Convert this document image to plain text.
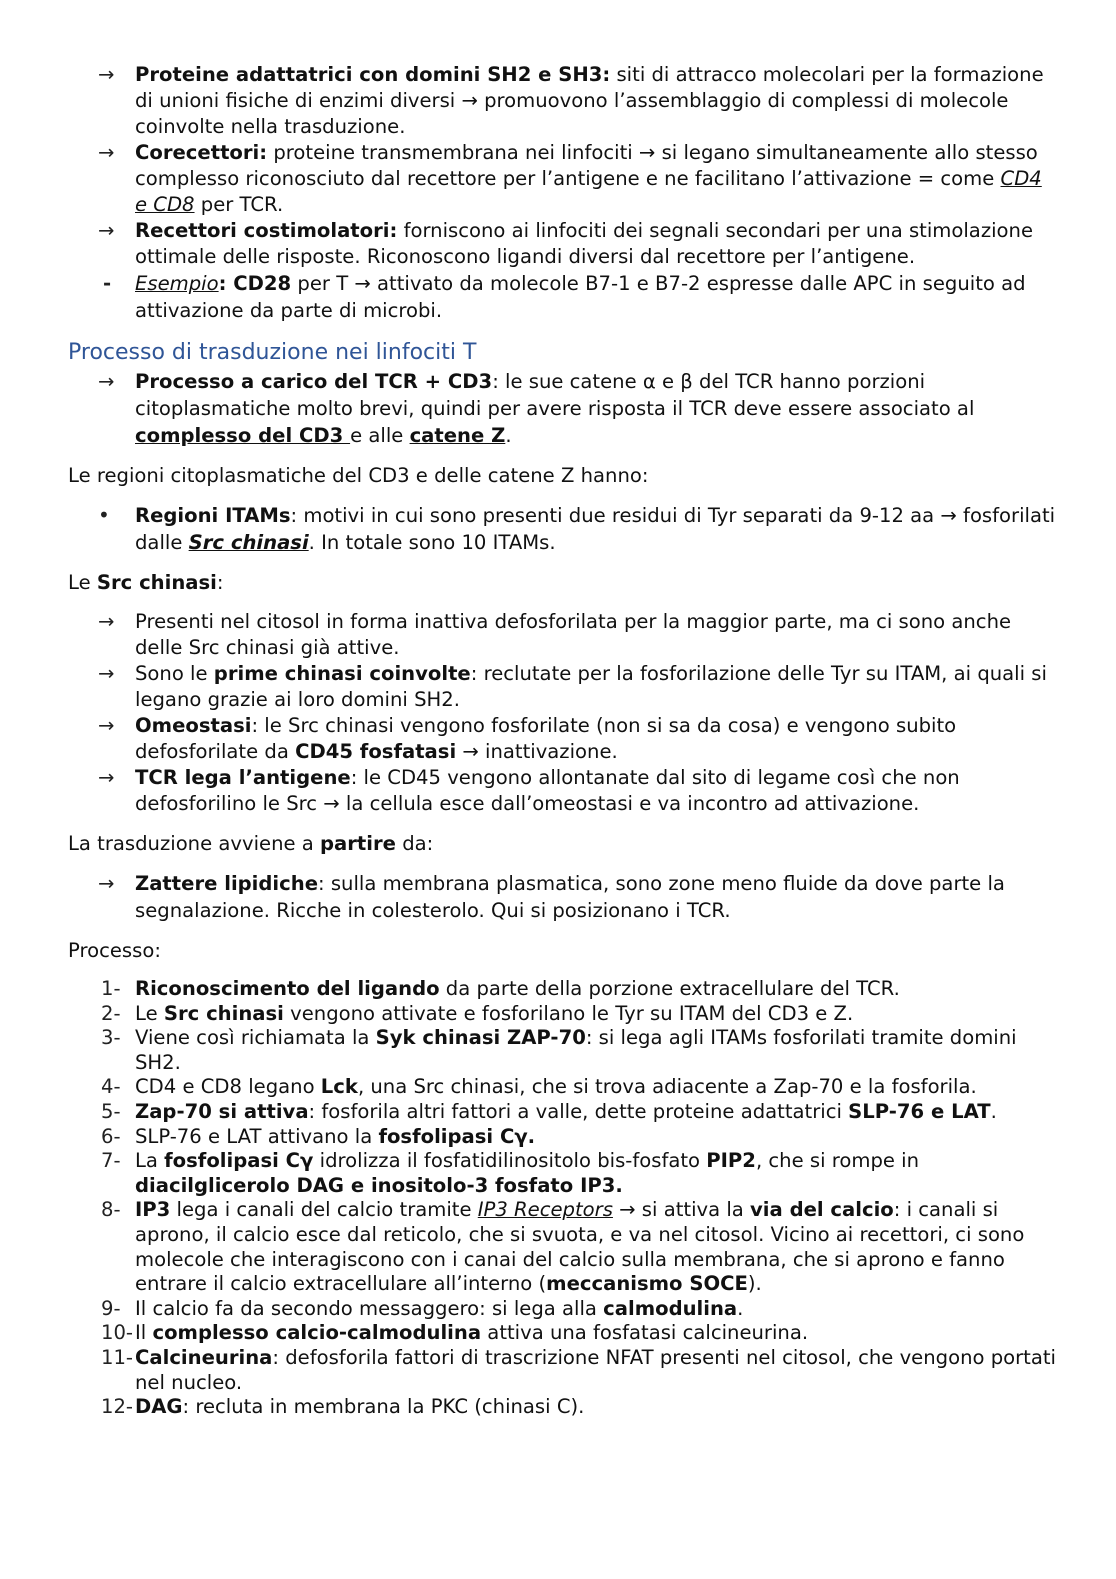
→	Proteine adattatrici con domini SH2 e SH3: siti di attracco molecolari per la formazione di unioni fisiche di enzimi diversi → promuovono l’assemblaggio di complessi di molecole coinvolte nella trasduzione.
→	Corecettori: proteine transmembrana nei linfociti → si legano simultaneamente allo stesso complesso riconosciuto dal recettore per l’antigene e ne facilitano l’attivazione = come CD4 e CD8 per TCR.
→	Recettori costimolatori: forniscono ai linfociti dei segnali secondari per una stimolazione ottimale delle risposte. Riconoscono ligandi diversi dal recettore per l’antigene.
-	Esempio: CD28 per T → attivato da molecole B7-1 e B7-2 espresse dalle APC in seguito ad attivazione da parte di microbi.
Processo di trasduzione nei linfociti T
→	Processo a carico del TCR + CD3: le sue catene α e β del TCR hanno porzioni citoplasmatiche molto brevi, quindi per avere risposta il TCR deve essere associato al complesso del CD3 e alle catene Z.

Le regioni citoplasmatiche del CD3 e delle catene Z hanno:

•	Regioni ITAMs: motivi in cui sono presenti due residui di Tyr separati da 9-12 aa → fosforilati dalle Src chinasi. In totale sono 10 ITAMs.

Le Src chinasi:

→	Presenti nel citosol in forma inattiva defosforilata per la maggior parte, ma ci sono anche delle Src chinasi già attive.
→	Sono le prime chinasi coinvolte: reclutate per la fosforilazione delle Tyr su ITAM, ai quali si legano grazie ai loro domini SH2.
→	Omeostasi: le Src chinasi vengono fosforilate (non si sa da cosa) e vengono subito defosforilate da CD45 fosfatasi → inattivazione.
→	TCR lega l’antigene: le CD45 vengono allontanate dal sito di legame così che non defosforilino le Src → la cellula esce dall’omeostasi e va incontro ad attivazione.

La trasduzione avviene a partire da:

→	Zattere lipidiche: sulla membrana plasmatica, sono zone meno fluide da dove parte la segnalazione. Ricche in colesterolo. Qui si posizionano i TCR.

Processo:

1- Riconoscimento del ligando da parte della porzione extracellulare del TCR.
2- Le Src chinasi vengono attivate e fosforilano le Tyr su ITAM del CD3 e Z.
3- Viene così richiamata la Syk chinasi ZAP-70: si lega agli ITAMs fosforilati tramite domini SH2.
4- CD4 e CD8 legano Lck, una Src chinasi, che si trova adiacente a Zap-70 e la fosforila.
5- Zap-70 si attiva: fosforila altri fattori a valle, dette proteine adattatrici SLP-76 e LAT.
6- SLP-76 e LAT attivano la fosfolipasi Cγ.
7- La fosfolipasi Cγ idrolizza il fosfatidilinositolo bis-fosfato PIP2, che si rompe in diacilglicerolo DAG e inositolo-3 fosfato IP3.
8- IP3 lega i canali del calcio tramite IP3 Receptors → si attiva la via del calcio: i canali si aprono, il calcio esce dal reticolo, che si svuota, e va nel citosol. Vicino ai recettori, ci sono molecole che interagiscono con i canai del calcio sulla membrana, che si aprono e fanno entrare il calcio extracellulare all’interno (meccanismo SOCE).
9- Il calcio fa da secondo messaggero: si lega alla calmodulina.
10- Il complesso calcio-calmodulina attiva una fosfatasi calcineurina.
11- Calcineurina: defosforila fattori di trascrizione NFAT presenti nel citosol, che vengono portati nel nucleo.
12- DAG: recluta in membrana la PKC (chinasi C).
